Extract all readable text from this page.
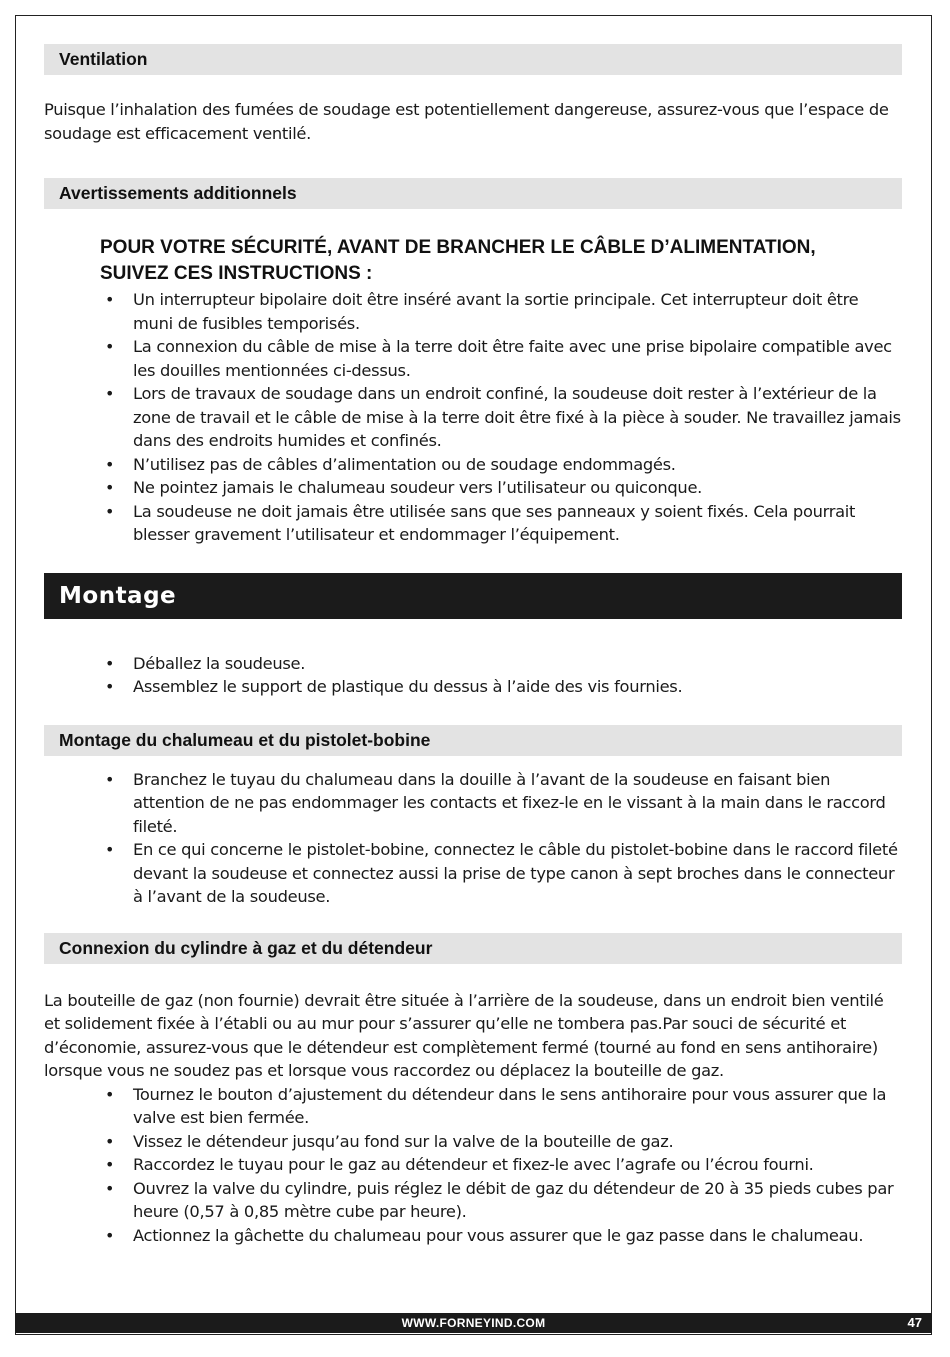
Ventilation

Puisque l’inhalation des fumées de soudage est potentiellement dangereuse, assurez-vous que l’espace de soudage est efficacement ventilé.

Avertissements additionnels
POUR VOTRE SÉCURITÉ, AVANT DE BRANCHER LE CÂBLE D’ALIMENTATION,
SUIVEZ CES INSTRUCTIONS :
• Un interrupteur bipolaire doit être inséré avant la sortie principale. Cet interrupteur doit être muni de fusibles temporisés.
• La connexion du câble de mise à la terre doit être faite avec une prise bipolaire compatible avec les douilles mentionnées ci-dessus.
• Lors de travaux de soudage dans un endroit confiné, la soudeuse doit rester à l’extérieur de la zone de travail et le câble de mise à la terre doit être fixé à la pièce à souder. Ne travaillez jamais dans des endroits humides et confinés.
• N’utilisez pas de câbles d’alimentation ou de soudage endommagés.
• Ne pointez jamais le chalumeau soudeur vers l’utilisateur ou quiconque.
• La soudeuse ne doit jamais être utilisée sans que ses panneaux y soient fixés. Cela pourrait blesser gravement l’utilisateur et endommager l’équipement.
Montage
• Déballez la soudeuse.
• Assemblez le support de plastique du dessus à l’aide des vis fournies.
Montage du chalumeau et du pistolet-bobine
• Branchez le tuyau du chalumeau dans la douille à l’avant de la soudeuse en faisant bien attention de ne pas endommager les contacts et fixez-le en le vissant à la main dans le raccord fileté.
• En ce qui concerne le pistolet-bobine, connectez le câble du pistolet-bobine dans le raccord fileté devant la soudeuse et connectez aussi la prise de type canon à sept broches dans le connecteur à l’avant de la soudeuse.
Connexion du cylindre à gaz et du détendeur

La bouteille de gaz (non fournie) devrait être située à l’arrière de la soudeuse, dans un endroit bien ventilé et solidement fixée à l’établi ou au mur pour s’assurer qu’elle ne tombera pas.Par souci de sécurité et d’économie, assurez-vous que le détendeur est complètement fermé (tourné au fond en sens antihoraire) lorsque vous ne soudez pas et lorsque vous raccordez ou déplacez la bouteille de gaz.

• Tournez le bouton d’ajustement du détendeur dans le sens antihoraire pour vous assurer que la valve est bien fermée.
• Vissez le détendeur jusqu’au fond sur la valve de la bouteille de gaz.
• Raccordez le tuyau pour le gaz au détendeur et fixez-le avec l’agrafe ou l’écrou fourni.
• Ouvrez la valve du cylindre, puis réglez le débit de gaz du détendeur de 20 à 35 pieds cubes par heure (0,57 à 0,85 mètre cube par heure).
• Actionnez la gâchette du chalumeau pour vous assurer que le gaz passe dans le chalumeau.
WWW.FORNEYIND.COM	47
